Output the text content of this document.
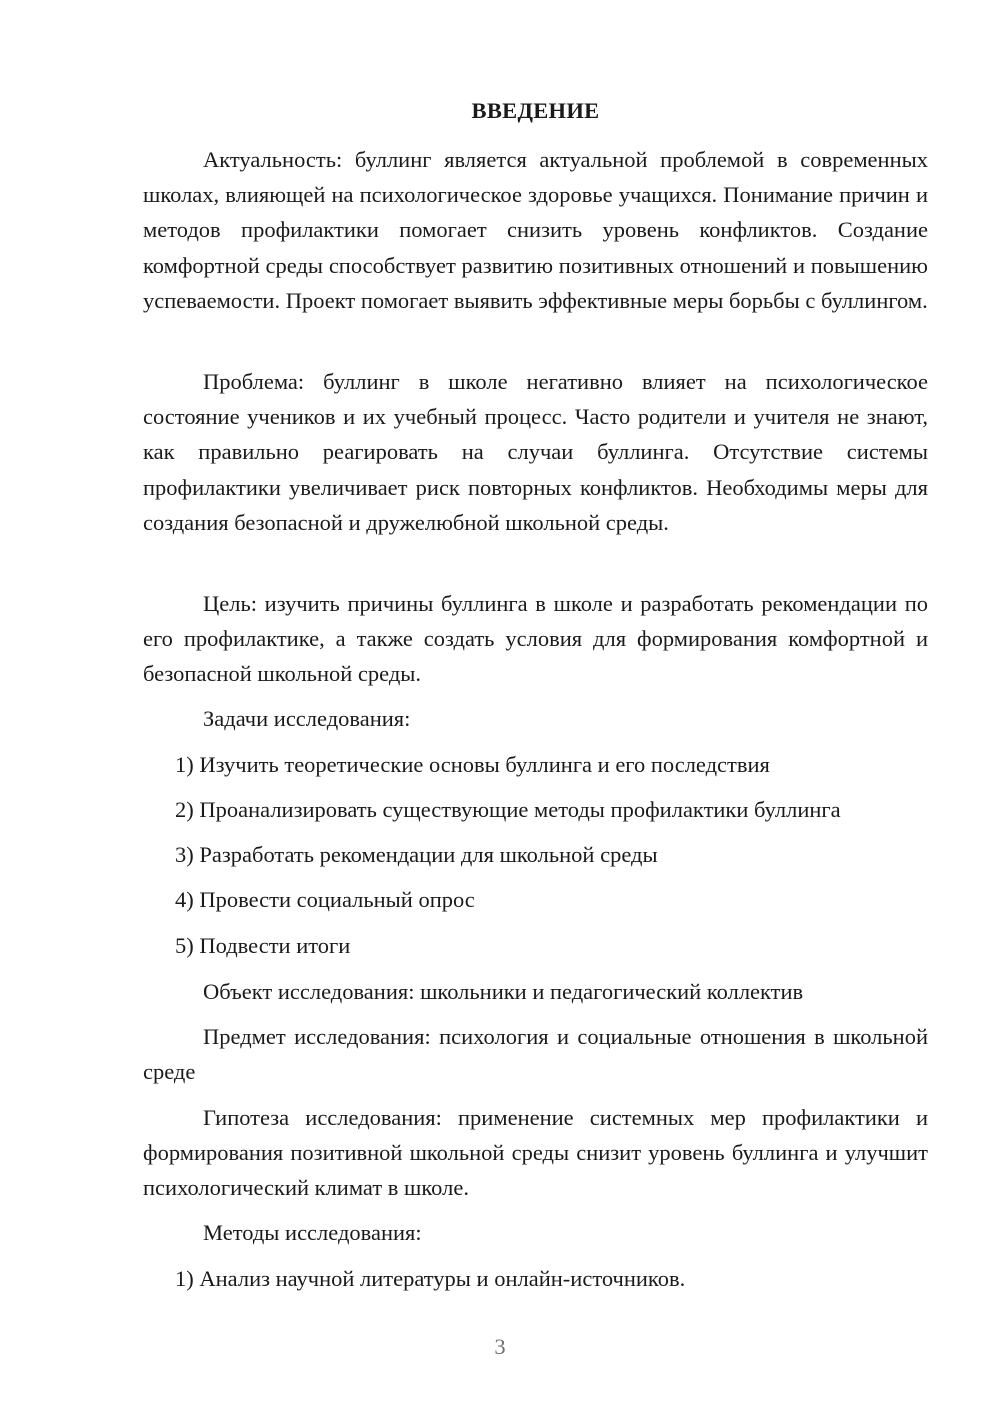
ВВЕДЕНИЕ

Актуальность: буллинг является актуальной проблемой в современных школах, влияющей на психологическое здоровье учащихся. Понимание причин и методов профилактики помогает снизить уровень конфликтов. Создание комфортной среды способствует развитию позитивных отношений и повышению успеваемости. Проект помогает выявить эффективные меры борьбы с буллингом.

Проблема: буллинг в школе негативно влияет на психологическое состояние учеников и их учебный процесс. Часто родители и учителя не знают, как правильно реагировать на случаи буллинга. Отсутствие системы профилактики увеличивает риск повторных конфликтов. Необходимы меры для создания безопасной и дружелюбной школьной среды.

Цель: изучить причины буллинга в школе и разработать рекомендации по его профилактике, а также создать условия для формирования комфортной и безопасной школьной среды.

Задачи исследования:
1) Изучить теоретические основы буллинга и его последствия
2) Проанализировать существующие методы профилактики буллинга
3) Разработать рекомендации для школьной среды
4) Провести социальный опрос
5) Подвести итоги

Объект исследования: школьники и педагогический коллектив

Предмет исследования: психология и социальные отношения в школьной среде

Гипотеза исследования: применение системных мер профилактики и формирования позитивной школьной среды снизит уровень буллинга и улучшит психологический климат в школе.

Методы исследования:
1) Анализ научной литературы и онлайн-источников.
3
